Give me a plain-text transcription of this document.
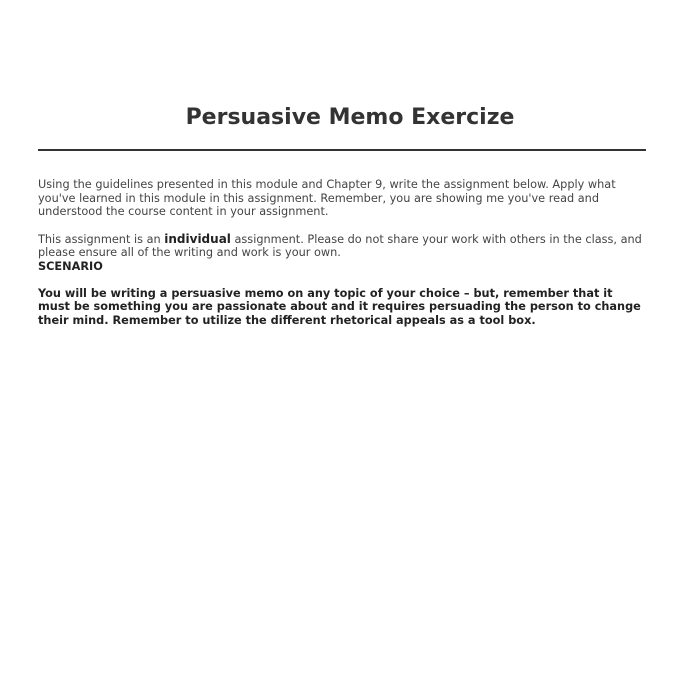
Persuasive Memo Exercize

Using the guidelines presented in this module and Chapter 9, write the assignment below. Apply what you've learned in this module in this assignment. Remember, you are showing me you've read and understood the course content in your assignment.

This assignment is an individual assignment. Please do not share your work with others in the class, and please ensure all of the writing and work is your own.

SCENARIO

You will be writing a persuasive memo on any topic of your choice – but, remember that it must be something you are passionate about and it requires persuading the person to change their mind. Remember to utilize the different rhetorical appeals as a tool box.
